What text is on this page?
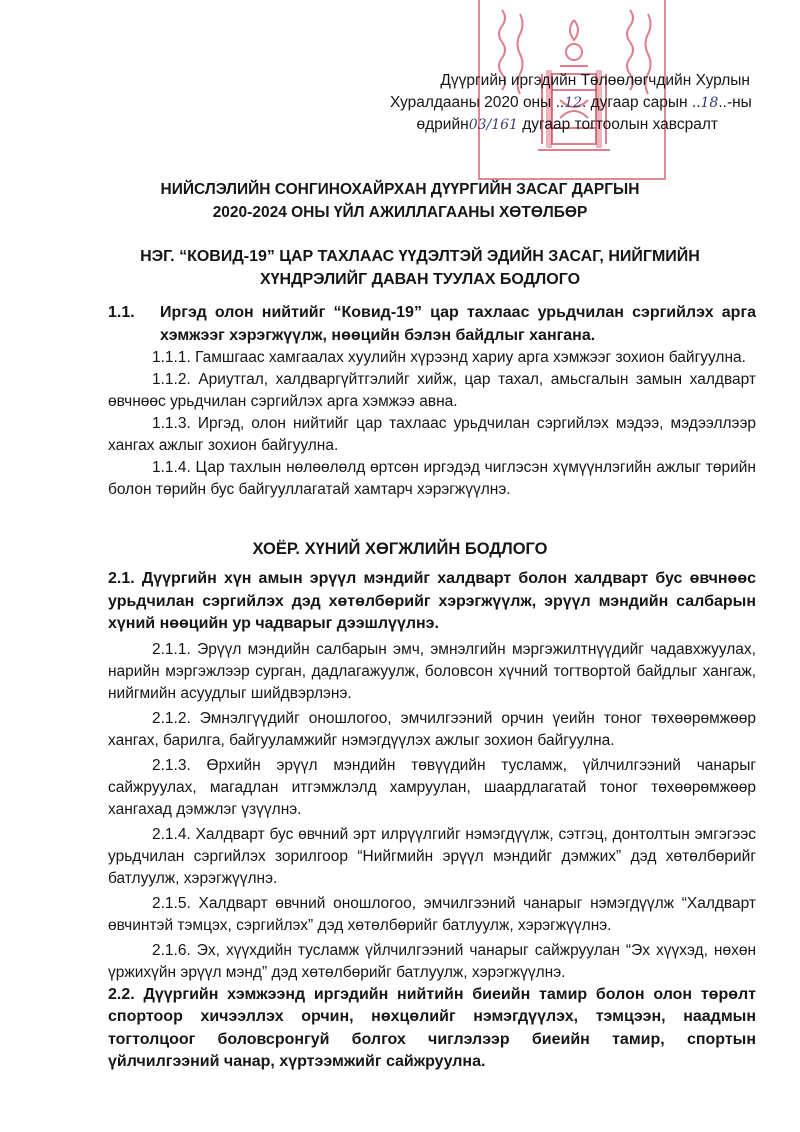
Дүүргийн иргэдийн Төлөөлөгчдийн Хурлын
Хуралдааны 2020 оны ..12. дугаар сарын ..18..-ны
өдрийн03/161 дугаар тогтоолын хавсралт
НИЙСЛЭЛИЙН СОНГИНОХАЙРХАН ДҮҮРГИЙН ЗАСАГ ДАРГЫН
2020-2024 ОНЫ ҮЙЛ АЖИЛЛАГААНЫ ХӨТӨЛБӨР
НЭГ. “КОВИД-19” ЦАР ТАХЛААС ҮҮДЭЛТЭЙ ЭДИЙН ЗАСАГ, НИЙГМИЙН
ХҮНДРЭЛИЙГ ДАВАН ТУУЛАХ БОДЛОГО
1.1.	Иргэд олон нийтийг “Ковид-19” цар тахлаас урьдчилан сэргийлэх арга хэмжээг хэрэгжүүлж, нөөцийн бэлэн байдлыг хангана.

1.1.1. Гамшгаас хамгаалах хуулийн хүрээнд хариу арга хэмжээг зохион байгуулна.

1.1.2. Ариутгал, халдваргүйтгэлийг хийж, цар тахал, амьсгалын замын халдварт өвчнөөс урьдчилан сэргийлэх арга хэмжээ авна.

1.1.3. Иргэд, олон нийтийг цар тахлаас урьдчилан сэргийлэх мэдээ, мэдээллээр хангах ажлыг зохион байгуулна.

1.1.4. Цар тахлын нөлөөлөлд өртсөн иргэдэд чиглэсэн хүмүүнлэгийн ажлыг төрийн болон төрийн бус байгууллагатай хамтарч хэрэгжүүлнэ.

ХОЁР. ХҮНИЙ ХӨГЖЛИЙН БОДЛОГО

2.1. Дүүргийн хүн амын эрүүл мэндийг халдварт болон халдварт бус өвчнөөс урьдчилан сэргийлэх дэд хөтөлбөрийг хэрэгжүүлж, эрүүл мэндийн салбарын хүний нөөцийн ур чадварыг дээшлүүлнэ.

2.1.1. Эрүүл мэндийн салбарын эмч, эмнэлгийн мэргэжилтнүүдийг чадавхжуулах, нарийн мэргэжлээр сурган, дадлагажуулж, боловсон хүчний тогтвортой байдлыг хангаж, нийгмийн асуудлыг шийдвэрлэнэ.

2.1.2. Эмнэлгүүдийг оношлогоо, эмчилгээний орчин үеийн тоног төхөөрөмжөөр хангах, барилга, байгууламжийг нэмэгдүүлэх ажлыг зохион байгуулна.

2.1.3. Өрхийн эрүүл мэндийн төвүүдийн тусламж, үйлчилгээний чанарыг сайжруулах, магадлан итгэмжлэлд хамруулан, шаардлагатай тоног төхөөрөмжөөр хангахад дэмжлэг үзүүлнэ.

2.1.4. Халдварт бус өвчний эрт илрүүлгийг нэмэгдүүлж, сэтгэц, донтолтын эмгэгээс урьдчилан сэргийлэх зорилгоор “Нийгмийн эрүүл мэндийг дэмжих” дэд хөтөлбөрийг батлуулж, хэрэгжүүлнэ.

2.1.5. Халдварт өвчний оношлогоо, эмчилгээний чанарыг нэмэгдүүлж “Халдварт өвчинтэй тэмцэх, сэргийлэх” дэд хөтөлбөрийг батлуулж, хэрэгжүүлнэ.

2.1.6. Эх, хүүхдийн тусламж үйлчилгээний чанарыг сайжруулан “Эх хүүхэд, нөхөн үржихүйн эрүүл мэнд” дэд хөтөлбөрийг батлуулж, хэрэгжүүлнэ.

2.2. Дүүргийн хэмжээнд иргэдийн нийтийн биеийн тамир болон олон төрөлт спортоор хичээллэх орчин, нөхцөлийг нэмэгдүүлэх, тэмцээн, наадмын тогтолцоог боловсронгуй болгох чиглэлээр биеийн тамир, спортын үйлчилгээний чанар, хүртээмжийг сайжруулна.
